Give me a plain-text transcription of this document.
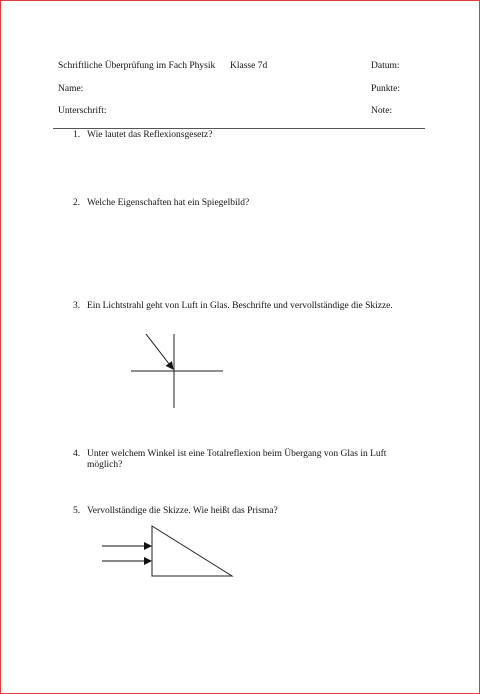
Schriftliche Überprüfung im Fach Physik Klasse 7d	Datum:
Name:	Punkte:
Unterschrift:	Note:
1. Wie lautet das Reflexionsgesetz?
2. Welche Eigenschaften hat ein Spiegelbild?
3. Ein Lichtstrahl geht von Luft in Glas. Beschrifte und vervollständige die Skizze.
4. Unter welchem Winkel ist eine Totalreflexion beim Übergang von Glas in Luft
möglich?
5. Vervollständige die Skizze. Wie heißt das Prisma?
